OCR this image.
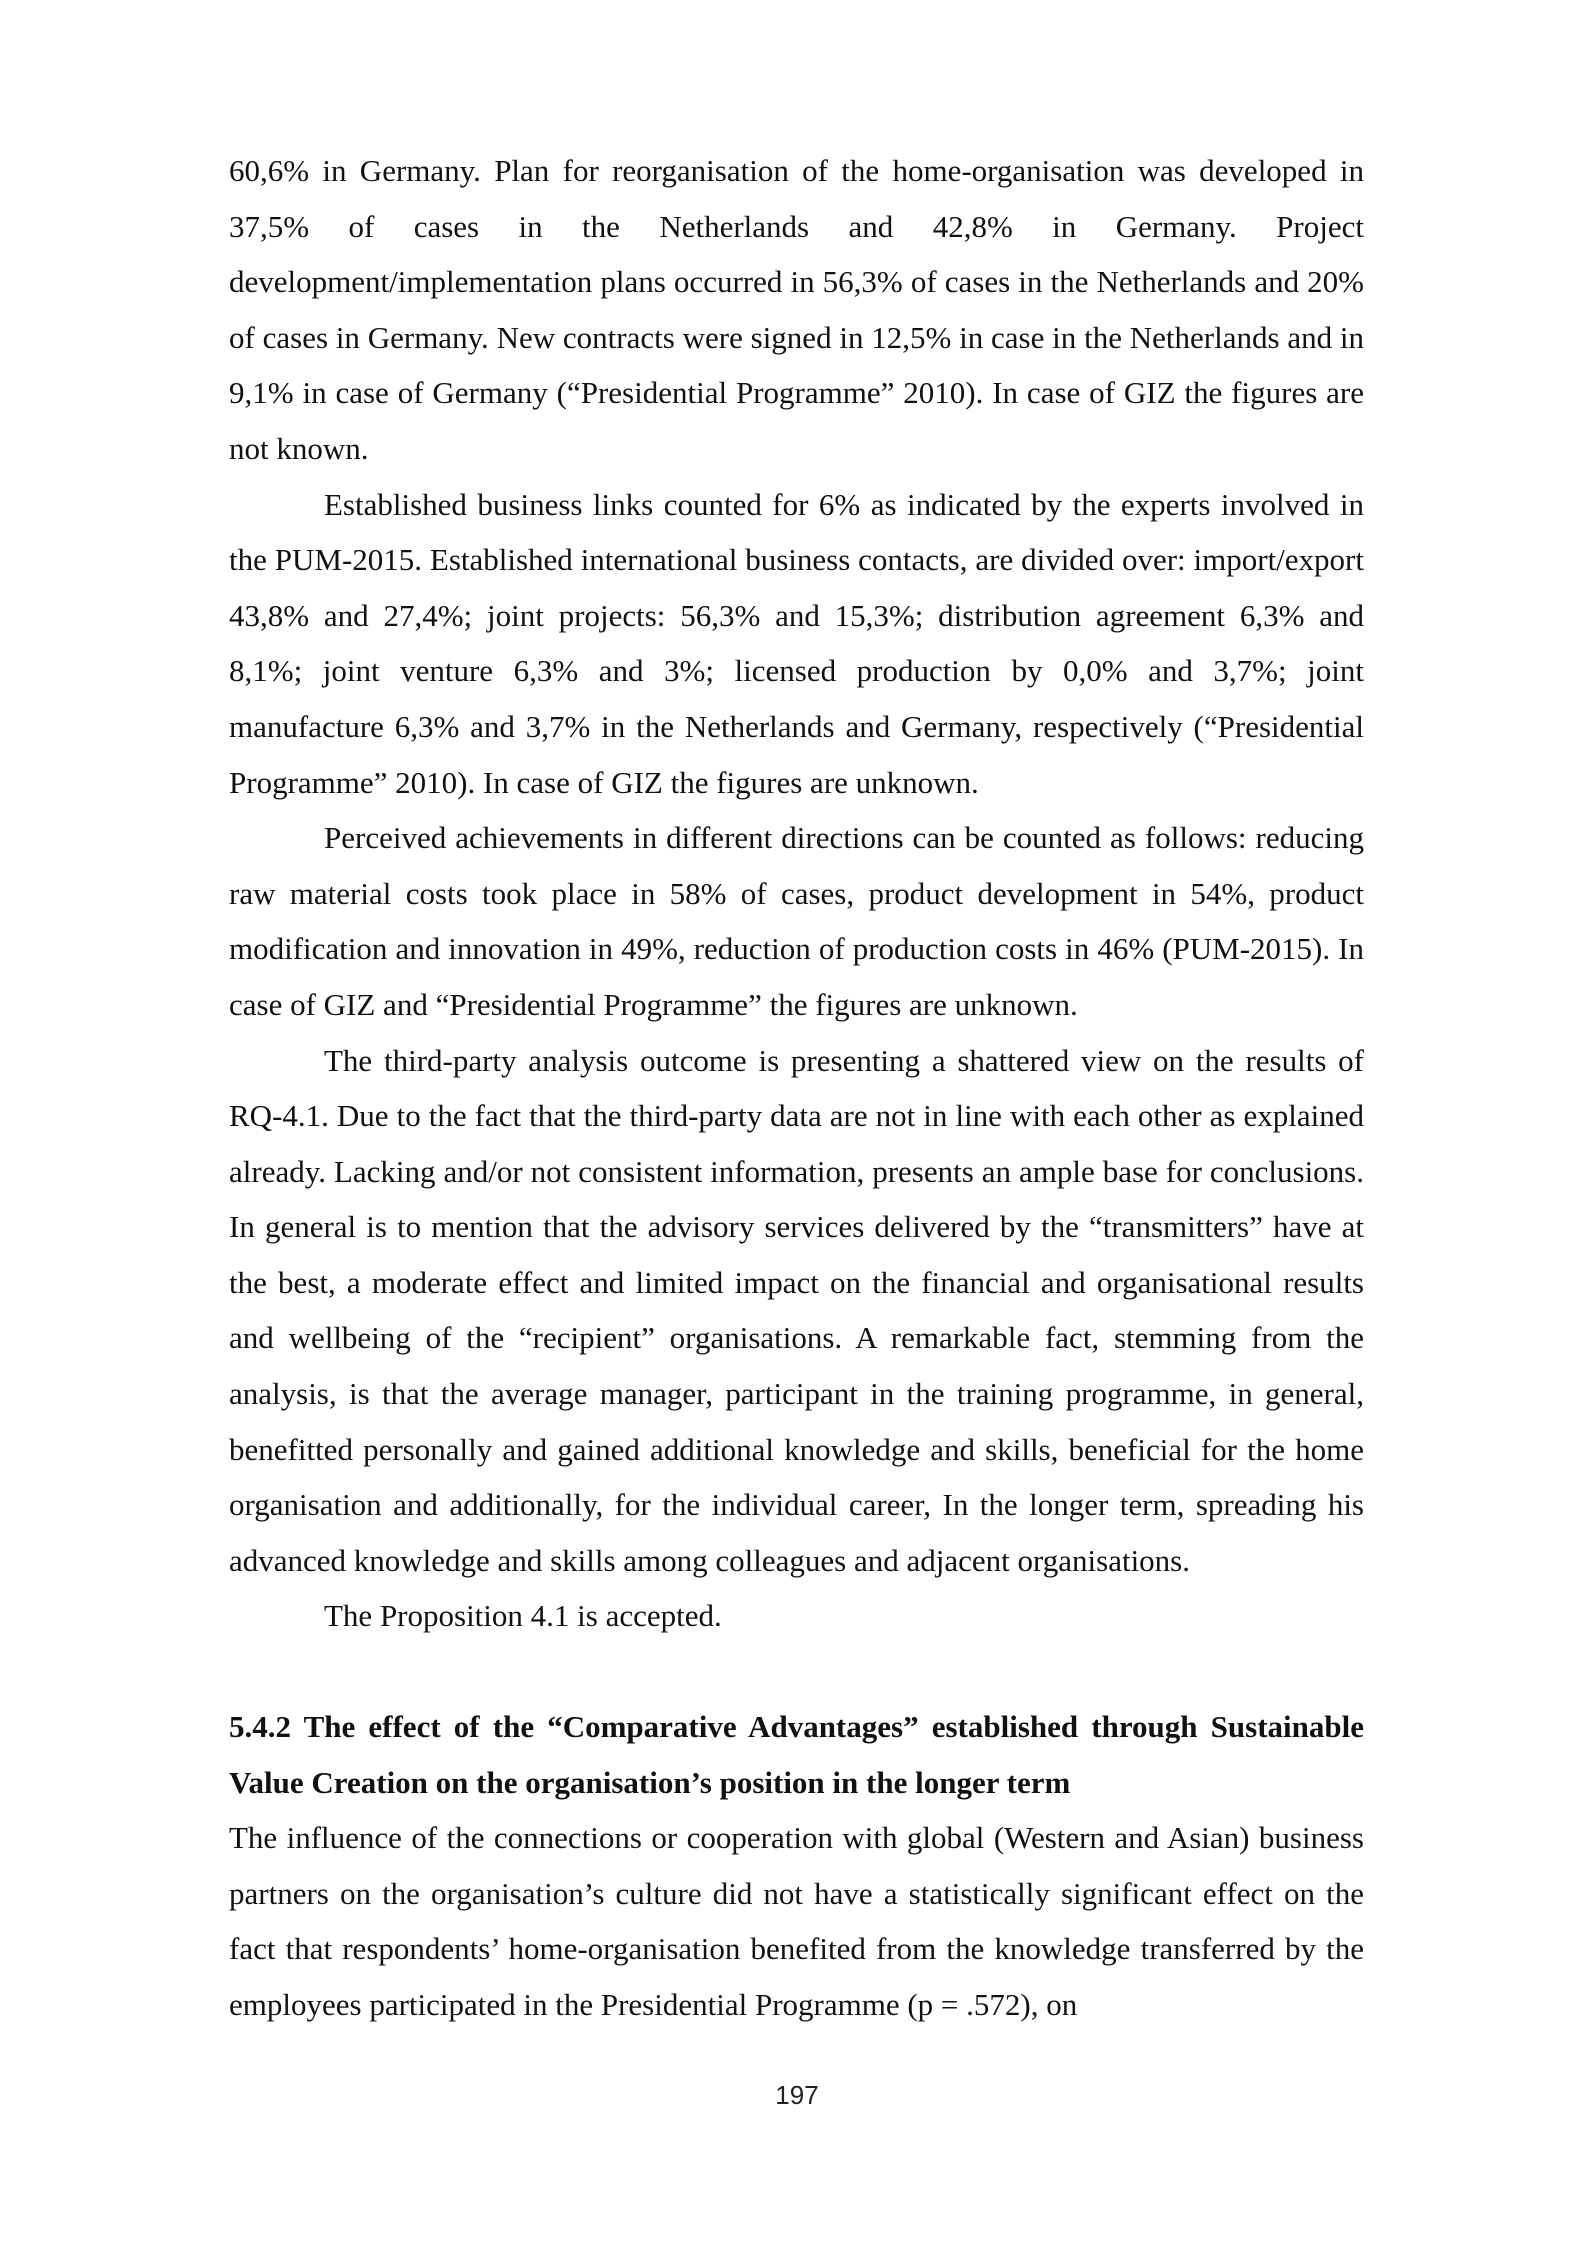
60,6% in Germany. Plan for reorganisation of the home-organisation was developed in 37,5% of cases in the Netherlands and 42,8% in Germany. Project development/implementation plans occurred in 56,3% of cases in the Netherlands and 20% of cases in Germany. New contracts were signed in 12,5% in case in the Netherlands and in 9,1% in case of Germany (“Presidential Programme” 2010). In case of GIZ the figures are not known.

Established business links counted for 6% as indicated by the experts involved in the PUM-2015. Established international business contacts, are divided over: import/export 43,8% and 27,4%; joint projects: 56,3% and 15,3%; distribution agreement 6,3% and 8,1%; joint venture 6,3% and 3%; licensed production by 0,0% and 3,7%; joint manufacture 6,3% and 3,7% in the Netherlands and Germany, respectively (“Presidential Programme” 2010). In case of GIZ the figures are unknown.

Perceived achievements in different directions can be counted as follows: reducing raw material costs took place in 58% of cases, product development in 54%, product modification and innovation in 49%, reduction of production costs in 46% (PUM-2015). In case of GIZ and “Presidential Programme” the figures are unknown.

The third-party analysis outcome is presenting a shattered view on the results of RQ-4.1. Due to the fact that the third-party data are not in line with each other as explained already. Lacking and/or not consistent information, presents an ample base for conclusions. In general is to mention that the advisory services delivered by the “transmitters” have at the best, a moderate effect and limited impact on the financial and organisational results and wellbeing of the “recipient” organisations. A remarkable fact, stemming from the analysis, is that the average manager, participant in the training programme, in general, benefitted personally and gained additional knowledge and skills, beneficial for the home organisation and additionally, for the individual career, In the longer term, spreading his advanced knowledge and skills among colleagues and adjacent organisations.

The Proposition 4.1 is accepted.

5.4.2 The effect of the “Comparative Advantages” established through Sustainable Value Creation on the organisation’s position in the longer term

The influence of the connections or cooperation with global (Western and Asian) business partners on the organisation’s culture did not have a statistically significant effect on the fact that respondents’ home-organisation benefited from the knowledge transferred by the employees participated in the Presidential Programme (p = .572), on

197
